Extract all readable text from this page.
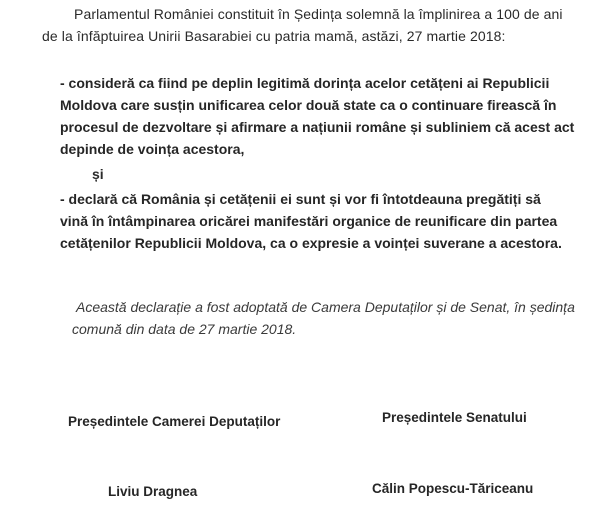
Parlamentul României constituit în Ședința solemnă la împlinirea a 100 de ani
de la înfăptuirea Unirii Basarabiei cu patria mamă, astăzi, 27 martie 2018:
- consideră ca fiind pe deplin legitimă dorința acelor cetățeni ai Republicii
Moldova care susțin unificarea celor două state ca o continuare firească în
procesul de dezvoltare și afirmare a națiunii române și subliniem că acest act
depinde de voința acestora,
și
- declară că România și cetățenii ei sunt și vor fi întotdeauna pregătiți să
vină în întâmpinarea oricărei manifestări organice de reunificare din partea
cetățenilor Republicii Moldova, ca o expresie a voinței suverane a acestora.
Această declarație a fost adoptată de Camera Deputaților și de Senat, în ședința
comună din data de 27 martie 2018.
Președintele Camerei Deputaților	Președintele Senatului
Liviu Dragnea	Călin Popescu-Tăriceanu
